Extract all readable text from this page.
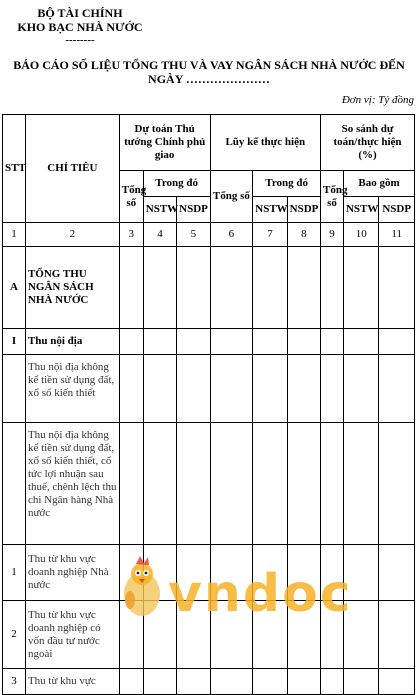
BỘ TÀI CHÍNH
KHO BẠC NHÀ NƯỚC
--------
BÁO CÁO SỐ LIỆU TỔNG THU VÀ VAY NGÂN SÁCH NHÀ NƯỚC ĐẾN
NGÀY …………………
Đơn vị: Tỷ đồng
STT	CHỈ TIÊU	Dự toán Thủ tướng Chính phủ giao			Lũy kế thực hiện			So sánh dự toán/thực hiện (%)		
		Tổng số	Trong đó		Tổng số	Trong đó		Tổng số	Bao gồm	
			NSTW	NSDP		NSTW	NSDP		NSTW	NSDP
1	2	3	4	5	6	7	8	9	10	11
A	TỔNG THU NGÂN SÁCH NHÀ NƯỚC									
I	Thu nội địa									
	Thu nội địa không kể tiền sử dụng đất, xổ số kiến thiết									
	Thu nội địa không kể tiền sử dụng đất, xổ số kiến thiết, cổ tức lợi nhuận sau thuế, chênh lệch thu chi Ngân hàng Nhà nước									
1	Thu từ khu vực doanh nghiệp Nhà nước									
2	Thu từ khu vực doanh nghiệp có vốn đầu tư nước ngoài									
3	Thu từ khu vực									
vndoc
